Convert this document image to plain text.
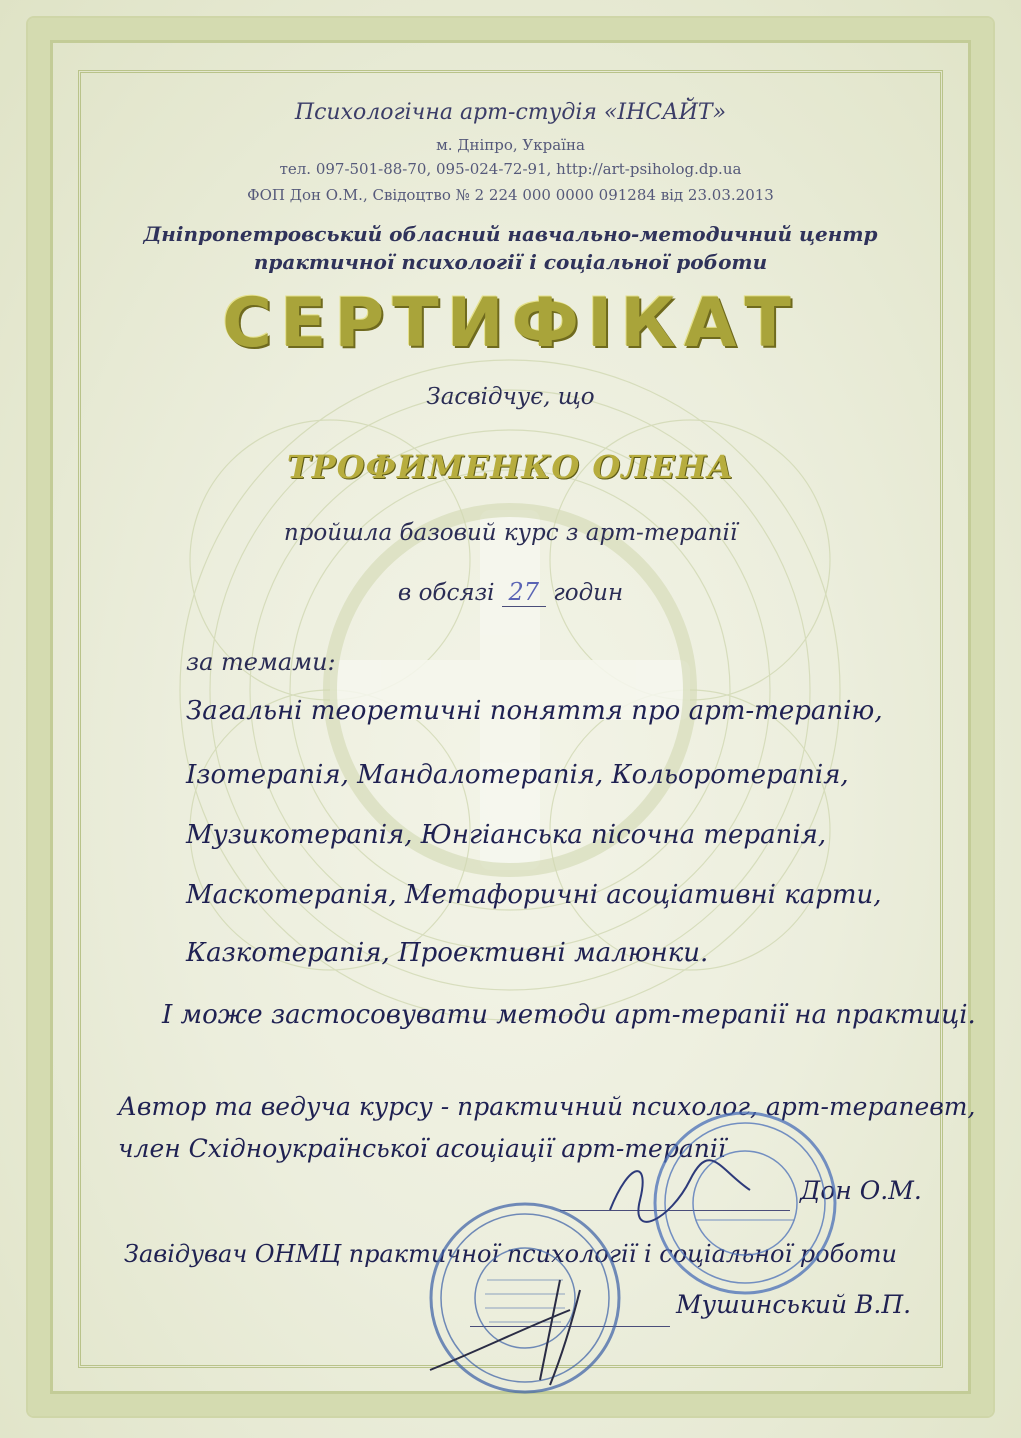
Психологічна арт-студія «ІНСАЙТ»
м. Дніпро, Україна
тел. 097-501-88-70, 095-024-72-91, http://art-psiholog.dp.ua
ФОП Дон О.М., Свідоцтво № 2 224 000 0000 091284 від 23.03.2013
Дніпропетровський обласний навчально-методичний центр
практичної психології і соціальної роботи
СЕРТИФІКАТ
Засвідчує, що
ТРОФИМЕНКО ОЛЕНА
пройшла базовий курс з арт-терапії
в обсязі 27 годин
за темами:
Загальні теоретичні поняття про арт-терапію,
Ізотерапія, Мандалотерапія, Кольоротерапія,
Музикотерапія, Юнгіанська пісочна терапія,
Маскотерапія, Метафоричні асоціативні карти,
Казкотерапія, Проективні малюнки.
І може застосовувати методи арт-терапії на практиці.
Автор та ведуча курсу - практичний психолог, арт-терапевт,
член Східноукраїнської асоціації арт-терапії
Дон О.М.
Завідувач ОНМЦ практичної психології і соціальної роботи
Мушинський В.П.
